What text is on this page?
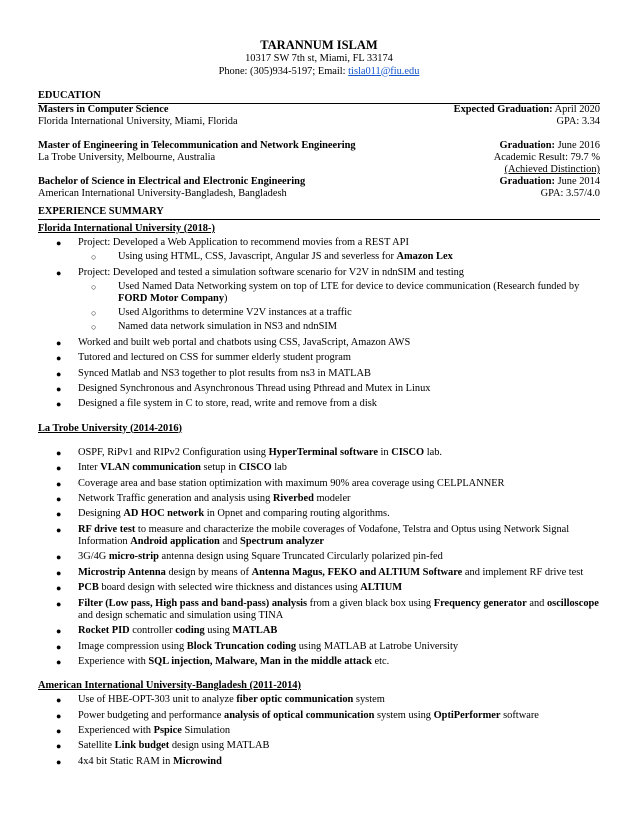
TARANNUM ISLAM
10317 SW 7th st, Miami, FL 33174
Phone: (305)934-5197; Email: tisla011@fiu.edu
EDUCATION
Masters in Computer Science	Expected Graduation: April 2020
Florida International University, Miami, Florida	GPA: 3.34
Master of Engineering in Telecommunication and Network Engineering	Graduation: June 2016
La Trobe University, Melbourne, Australia	Academic Result: 79.7 %
(Achieved Distinction)
Bachelor of Science in Electrical and Electronic Engineering	Graduation: June 2014
American International University-Bangladesh, Bangladesh	GPA: 3.57/4.0
EXPERIENCE SUMMARY
Florida International University (2018-)
● Project: Developed a Web Application to recommend movies from a REST API
○ Using using HTML, CSS, Javascript, Angular JS and severless for Amazon Lex
● Project: Developed and tested a simulation software scenario for V2V in ndnSIM and testing
○ Used Named Data Networking system on top of LTE for device to device communication (Research funded by FORD Motor Company)
○ Used Algorithms to determine V2V instances at a traffic
○ Named data network simulation in NS3 and ndnSIM
● Worked and built web portal and chatbots using CSS, JavaScript, Amazon AWS
● Tutored and lectured on CSS for summer elderly student program
● Synced Matlab and NS3 together to plot results from ns3 in MATLAB
● Designed Synchronous and Asynchronous Thread using Pthread and Mutex in Linux
● Designed a file system in C to store, read, write and remove from a disk
La Trobe University (2014-2016)
● OSPF, RiPv1 and RIPv2 Configuration using HyperTerminal software in CISCO lab.
● Inter VLAN communication setup in CISCO lab
● Coverage area and base station optimization with maximum 90% area coverage using CELPLANNER
● Network Traffic generation and analysis using Riverbed modeler
● Designing AD HOC network in Opnet and comparing routing algorithms.
● RF drive test to measure and characterize the mobile coverages of Vodafone, Telstra and Optus using Network Signal Information Android application and Spectrum analyzer
● 3G/4G micro-strip antenna design using Square Truncated Circularly polarized pin-fed
● Microstrip Antenna design by means of Antenna Magus, FEKO and ALTIUM Software and implement RF drive test
● PCB board design with selected wire thickness and distances using ALTIUM
● Filter (Low pass, High pass and band-pass) analysis from a given black box using Frequency generator and oscilloscope and design schematic and simulation using TINA
● Rocket PID controller coding using MATLAB
● Image compression using Block Truncation coding using MATLAB at Latrobe University
● Experience with SQL injection, Malware, Man in the middle attack etc.
American International University-Bangladesh (2011-2014)
● Use of HBE-OPT-303 unit to analyze fiber optic communication system
● Power budgeting and performance analysis of optical communication system using OptiPerformer software
● Experienced with Pspice Simulation
● Satellite Link budget design using MATLAB
● 4x4 bit Static RAM in Microwind
